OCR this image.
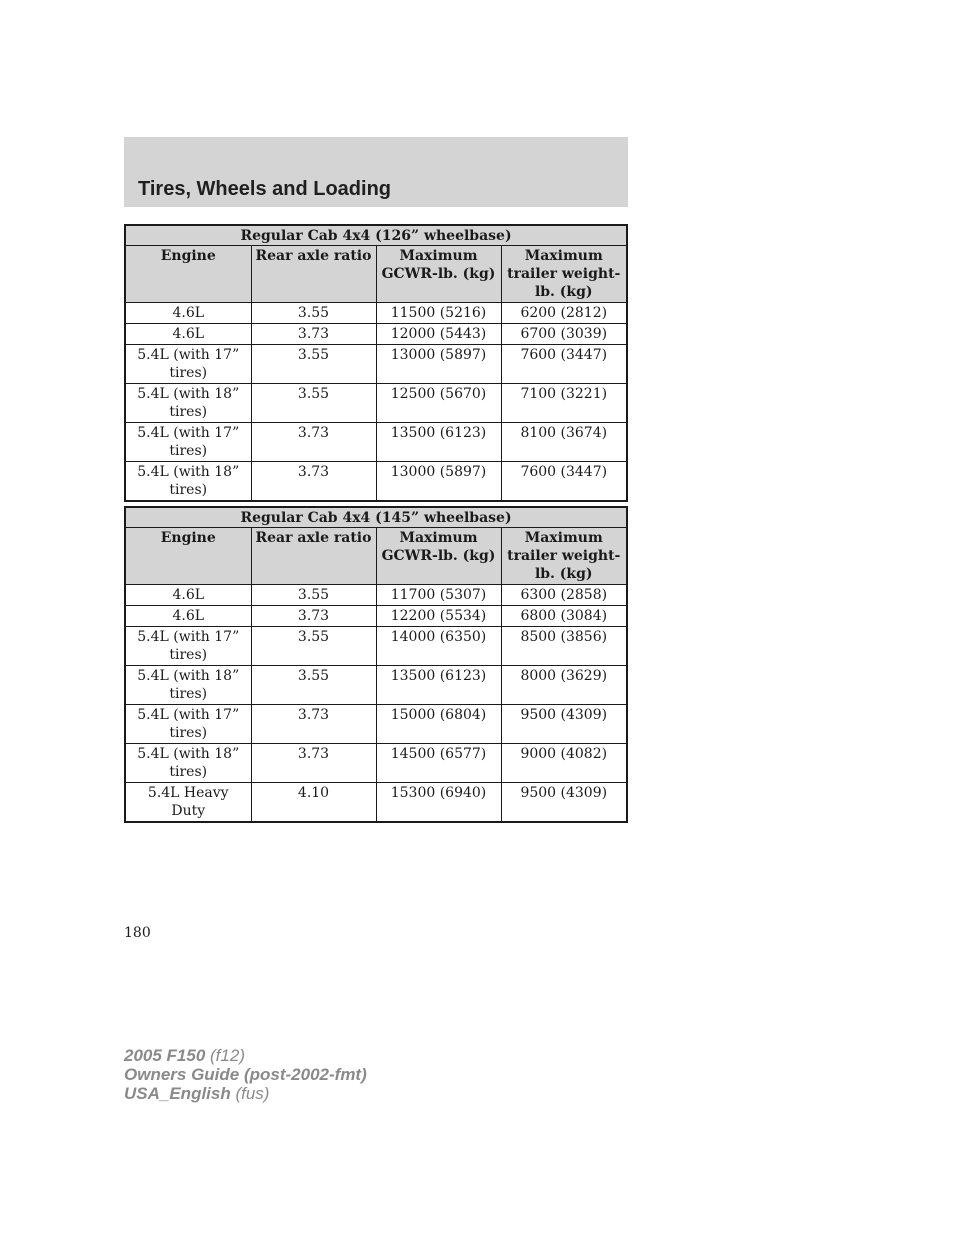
Tires, Wheels and Loading
Regular Cab 4x4 (126” wheelbase)			
Engine	Rear axle ratio	Maximum GCWR-lb. (kg)	Maximum trailer weight-lb. (kg)
4.6L	3.55	11500 (5216)	6200 (2812)
4.6L	3.73	12000 (5443)	6700 (3039)
5.4L (with 17” tires)	3.55	13000 (5897)	7600 (3447)
5.4L (with 18” tires)	3.55	12500 (5670)	7100 (3221)
5.4L (with 17” tires)	3.73	13500 (6123)	8100 (3674)
5.4L (with 18” tires)	3.73	13000 (5897)	7600 (3447)
Regular Cab 4x4 (145” wheelbase)			
Engine	Rear axle ratio	Maximum GCWR-lb. (kg)	Maximum trailer weight-lb. (kg)
4.6L	3.55	11700 (5307)	6300 (2858)
4.6L	3.73	12200 (5534)	6800 (3084)
5.4L (with 17” tires)	3.55	14000 (6350)	8500 (3856)
5.4L (with 18” tires)	3.55	13500 (6123)	8000 (3629)
5.4L (with 17” tires)	3.73	15000 (6804)	9500 (4309)
5.4L (with 18” tires)	3.73	14500 (6577)	9000 (4082)
5.4L Heavy Duty	4.10	15300 (6940)	9500 (4309)
180
2005 F150 (f12)
Owners Guide (post-2002-fmt)
USA_English (fus)
